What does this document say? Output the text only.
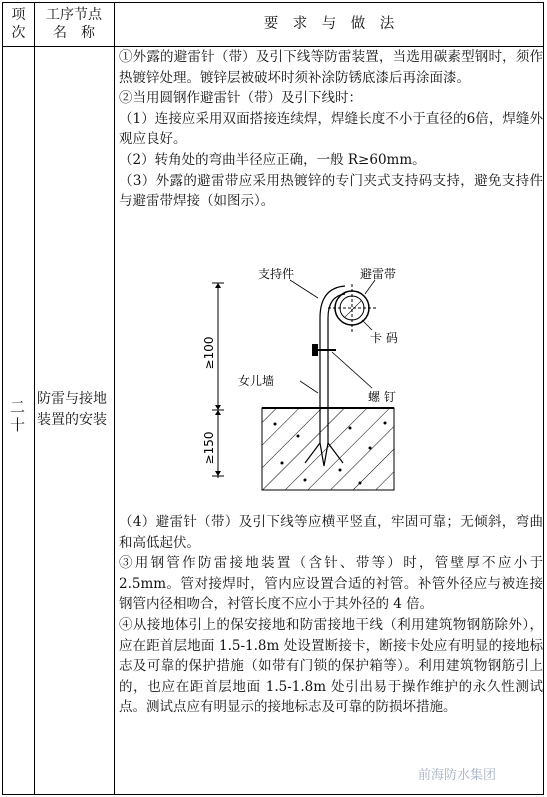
项
次
工序节点
名　称
要　求　与　做　法
二
十
防雷与接地装置的安装

①外露的避雷针（带）及引下线等防雷装置，当选用碳素型钢时，须作热镀锌处理。镀锌层被破坏时须补涂防锈底漆后再涂面漆。

②当用圆钢作避雷针（带）及引下线时：

（1）连接应采用双面搭接连续焊，焊缝长度不小于直径的6倍，焊缝外观应良好。

（2）转角处的弯曲半径应正确，一般 R≥60mm。

（3）外露的避雷带应采用热镀锌的专门夹式支持码支持，避免支持件与避雷带焊接（如图示）。

（4）避雷针（带）及引下线等应横平竖直，牢固可靠；无倾斜，弯曲和高低起伏。

③用钢管作防雷接地装置（含针、带等）时，管壁厚不应小于 2.5mm。管对接焊时，管内应设置合适的衬管。补管外径应与被连接钢管内径相吻合，衬管长度不应小于其外径的 4 倍。

④从接地体引上的保安接地和防雷接地干线（利用建筑物钢筋除外），应在距首层地面 1.5-1.8m 处设置断接卡，断接卡处应有明显的接地标志及可靠的保护措施（如带有门锁的保护箱等）。利用建筑物钢筋引上的，也应在距首层地面 1.5-1.8m 处引出易于操作维护的永久性测试点。测试点应有明显示的接地标志及可靠的防损坏措施。

≥100
≥150
支持件	避雷带
卡 码
女儿墙
螺 钉
前海防水集团
